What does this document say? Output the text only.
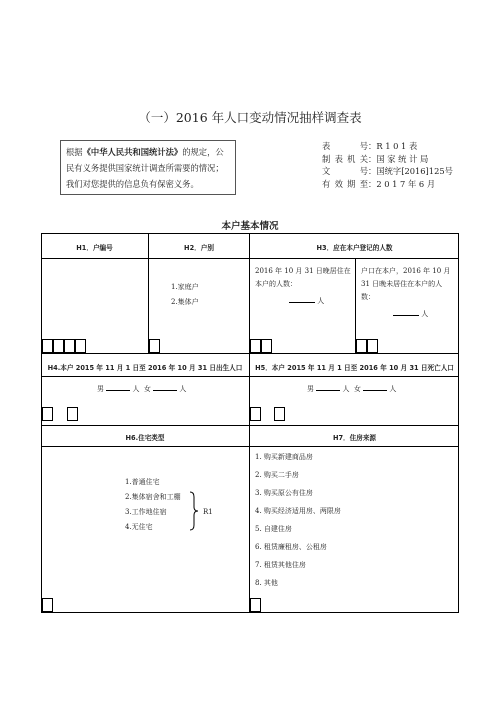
（一）2016 年人口变动情况抽样调查表
根据《中华人民共和国统计法》的规定，公民有义务提供国家统计调查所需要的情况；我们对您提供的信息负有保密义务。
表	号 ： R 1 0 1 表
制 表 机 关 ： 国 家 统 计 局
文	号 ： 国统字[2016]125号
有 效 期 至 ： 2 0 1 7 年 6 月
本户基本情况
H1．户编号	H2．户别	H3．应在本户登记的人数
1.家庭户
2.集体户
2016 年 10 月 31 日晚居住在
本户的人数：
人
户口在本户，2016 年 10 月
31 日晚未居住在本户的人
数：
人
H4.本户 2015 年 11 月 1 日至 2016 年 10 月 31 日出生人口	H5．本户 2015 年 11 月 1 日至 2016 年 10 月 31 日死亡人口
男	人 女	人	男	人 女	人
H6.住宅类型	H7．住房来源
1.普通住宅
2.集体宿舍和工棚
3.工作地住宿
4.无住宅
R1
1. 购买新建商品房
2. 购买二手房
3. 购买原公有住房
4. 购买经济适用房、两限房
5. 自建住房
6. 租赁廉租房、公租房
7. 租赁其他住房
8. 其他
